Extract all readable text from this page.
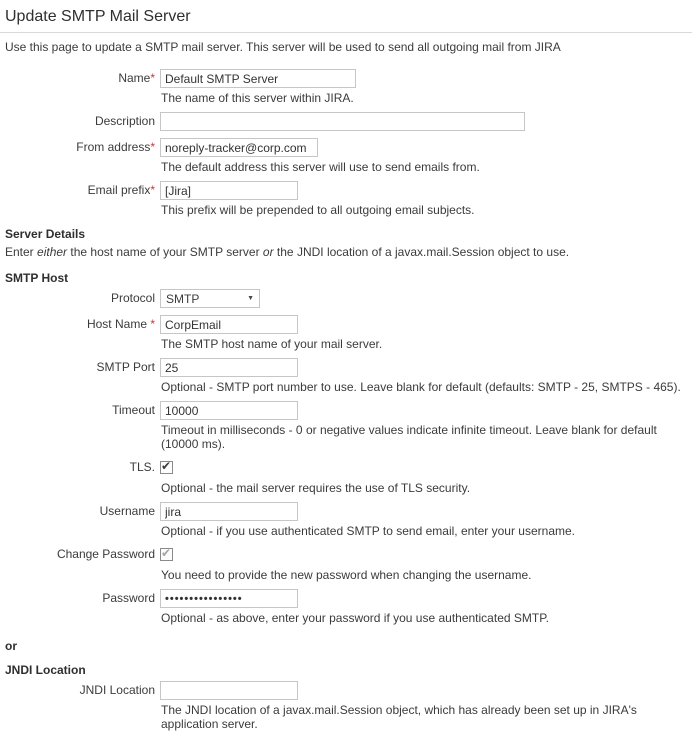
Update SMTP Mail Server

Use this page to update a SMTP mail server. This server will be used to send all outgoing mail from JIRA

Name*
Default SMTP Server
The name of this server within JIRA.
Description
From address*
noreply-tracker@corp.com
The default address this server will use to send emails from.
Email prefix*
[Jira]
This prefix will be prepended to all outgoing email subjects.
Server Details
Enter either the host name of your SMTP server or the JNDI location of a javax.mail.Session object to use.
SMTP Host
Protocol SMTP	▼
Host Name *
CorpEmail
The SMTP host name of your mail server.
SMTP Port
25
Optional - SMTP port number to use. Leave blank for default (defaults: SMTP - 25, SMTPS - 465).
Timeout
10000
Timeout in milliseconds - 0 or negative values indicate infinite timeout. Leave blank for default (10000 ms).
TLS.
✔
Optional - the mail server requires the use of TLS security.
Username
jira
Optional - if you use authenticated SMTP to send email, enter your username.
Change Password
✔
You need to provide the new password when changing the username.
Password
••••••••••••••••
Optional - as above, enter your password if you use authenticated SMTP.
or
JNDI Location
JNDI Location
The JNDI location of a javax.mail.Session object, which has already been set up in JIRA's application server.
